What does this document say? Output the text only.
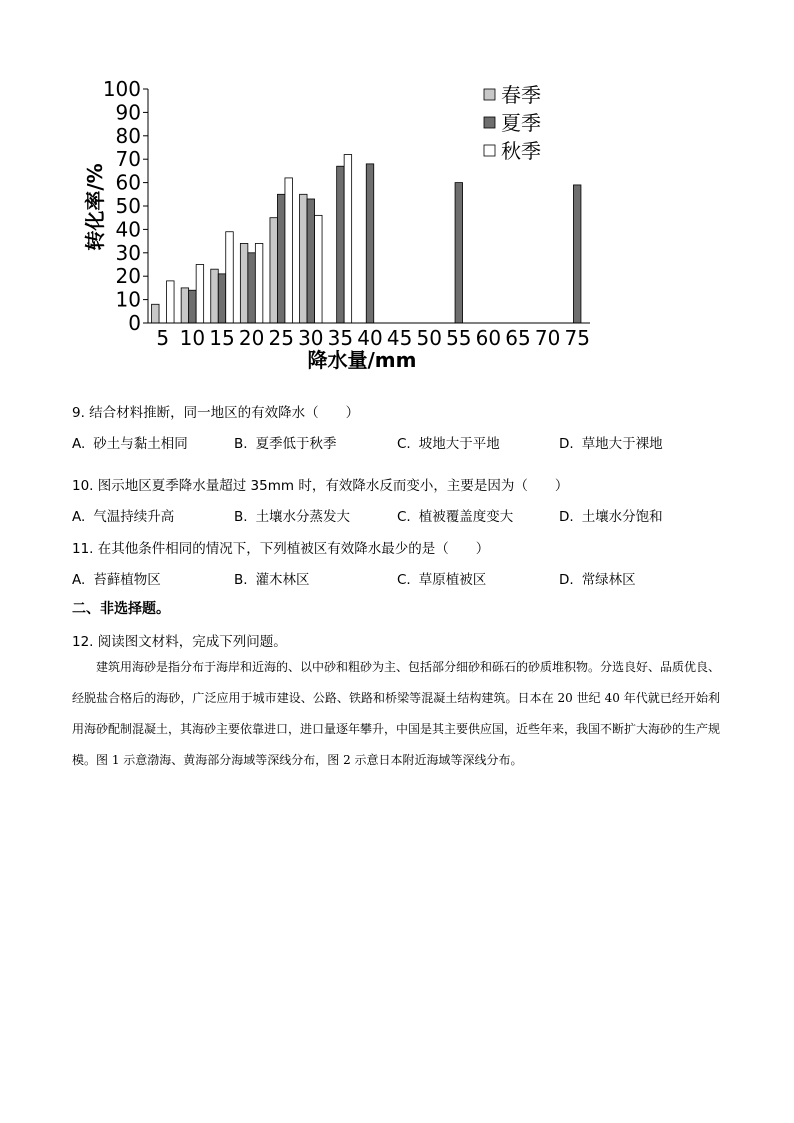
0
10
20
30
40
50
60
70
80
90
100
5 10 15 20 25 30 35 40 45 50 55 60 65 70 75
转化率/%
降水量/mm
春季
夏季
秋季
9. 结合材料推断，同一地区的有效降水（　　）
A. 砂土与黏土相同	B. 夏季低于秋季	C. 坡地大于平地	D. 草地大于裸地
10. 图示地区夏季降水量超过 35mm 时，有效降水反而变小，主要是因为（　　）
A. 气温持续升高	B. 土壤水分蒸发大	C. 植被覆盖度变大	D. 土壤水分饱和
11. 在其他条件相同的情况下，下列植被区有效降水最少的是（　　）
A. 苔藓植物区	B. 灌木林区	C. 草原植被区	D. 常绿林区
二、非选择题。
12. 阅读图文材料，完成下列问题。
建筑用海砂是指分布于海岸和近海的、以中砂和粗砂为主、包括部分细砂和砾石的砂质堆积物。分选良好、品质优良、经脱盐合格后的海砂，广泛应用于城市建设、公路、铁路和桥梁等混凝土结构建筑。日本在 20 世纪 40 年代就已经开始利用海砂配制混凝土，其海砂主要依靠进口，进口量逐年攀升，中国是其主要供应国，近些年来，我国不断扩大海砂的生产规模。图 1 示意渤海、黄海部分海域等深线分布，图 2 示意日本附近海域等深线分布。
